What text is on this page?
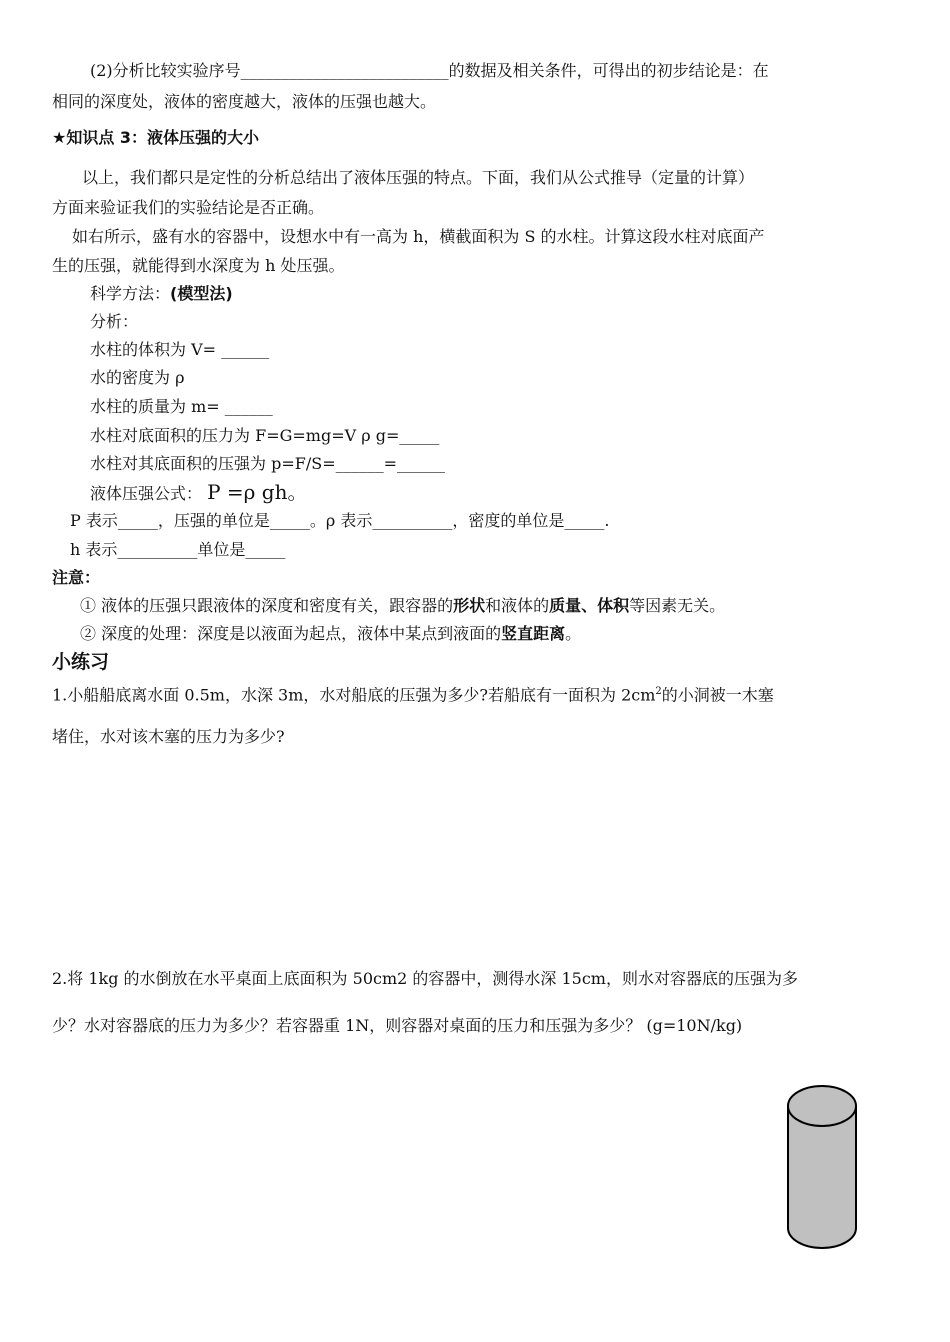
(2)分析比较实验序号__________________________的数据及相关条件，可得出的初步结论是：在
相同的深度处，液体的密度越大，液体的压强也越大。
★知识点 3：液体压强的大小
以上，我们都只是定性的分析总结出了液体压强的特点。下面，我们从公式推导（定量的计算）
方面来验证我们的实验结论是否正确。
如右所示，盛有水的容器中，设想水中有一高为 h，横截面积为 S 的水柱。计算这段水柱对底面产
生的压强，就能得到水深度为 h 处压强。
科学方法：(模型法)
分析：
水柱的体积为 V= ______
水的密度为 ρ
水柱的质量为 m= ______
水柱对底面积的压力为 F=G=mg=V ρ g=_____
水柱对其底面积的压强为 p=F/S=______=______
液体压强公式： P =ρ gh。
P 表示_____，压强的单位是_____。ρ 表示__________，密度的单位是_____.
h 表示__________单位是_____
注意：
① 液体的压强只跟液体的深度和密度有关，跟容器的形状和液体的质量、体积等因素无关。
② 深度的处理：深度是以液面为起点，液体中某点到液面的竖直距离。
小练习
1.小船船底离水面 0.5m，水深 3m，水对船底的压强为多少?若船底有一面积为 $2cm^2$的小洞被一木塞
堵住，水对该木塞的压力为多少?
2.将 1kg 的水倒放在水平桌面上底面积为 50cm2 的容器中，测得水深 15cm，则水对容器底的压强为多
少？水对容器底的压力为多少？若容器重 1N，则容器对桌面的压力和压强为多少？ (g=10N/kg)
